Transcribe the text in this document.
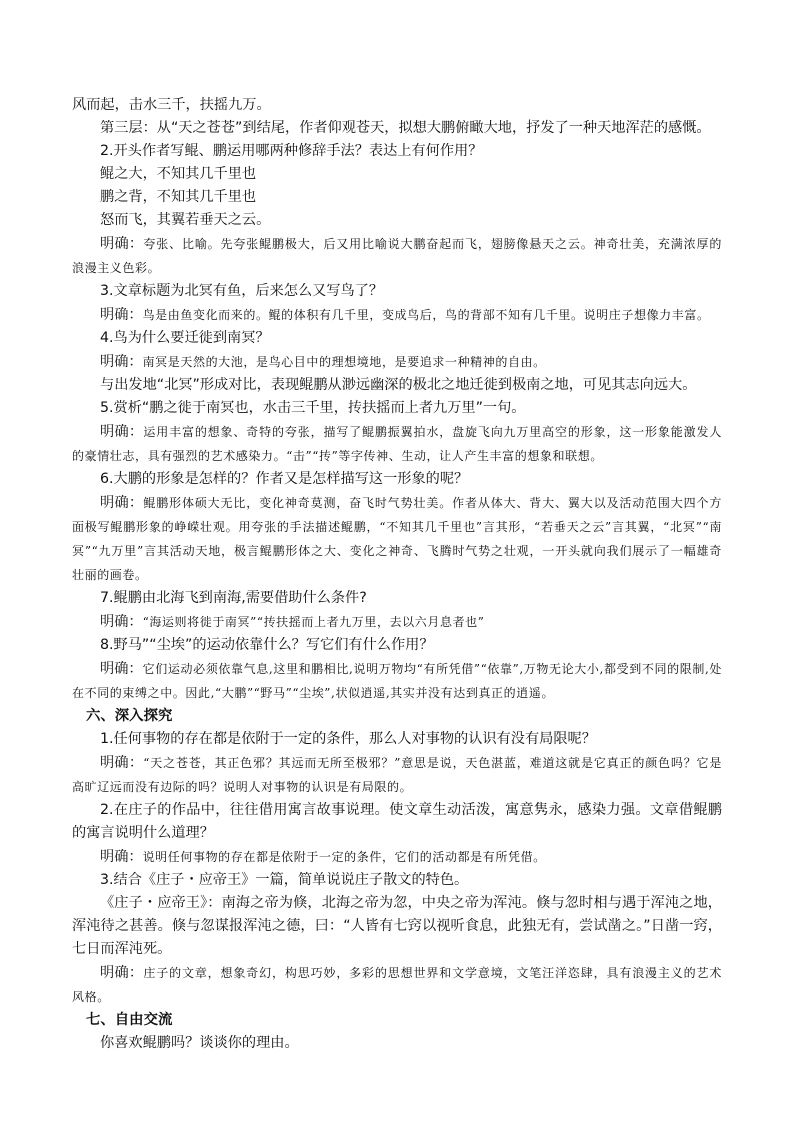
风而起，击水三千，扶摇九万。

第三层：从“天之苍苍”到结尾，作者仰观苍天，拟想大鹏俯瞰大地，抒发了一种天地浑茫的感慨。

2.开头作者写鲲、鹏运用哪两种修辞手法？表达上有何作用？

鲲之大，不知其几千里也

鹏之背，不知其几千里也

怒而飞，其翼若垂天之云。

明确：夸张、比喻。先夸张鲲鹏极大，后又用比喻说大鹏奋起而飞，翅膀像悬天之云。神奇壮美，充满浓厚的浪漫主义色彩。

3.文章标题为北冥有鱼，后来怎么又写鸟了？

明确：鸟是由鱼变化而来的。鲲的体积有几千里，变成鸟后，鸟的背部不知有几千里。说明庄子想像力丰富。

4.鸟为什么要迁徙到南冥？

明确：南冥是天然的大池，是鸟心目中的理想境地，是要追求一种精神的自由。

与出发地“北冥”形成对比，表现鲲鹏从渺远幽深的极北之地迁徙到极南之地，可见其志向远大。

5.赏析“鹏之徙于南冥也，水击三千里，抟扶摇而上者九万里”一句。

明确：运用丰富的想象、奇特的夸张，描写了鲲鹏振翼拍水，盘旋飞向九万里高空的形象，这一形象能激发人的豪情壮志，具有强烈的艺术感染力。“击”“抟”等字传神、生动，让人产生丰富的想象和联想。

6.大鹏的形象是怎样的？作者又是怎样描写这一形象的呢？

明确：鲲鹏形体硕大无比，变化神奇莫测，奋飞时气势壮美。作者从体大、背大、翼大以及活动范围大四个方面极写鲲鹏形象的峥嵘壮观。用夸张的手法描述鲲鹏，“不知其几千里也”言其形，“若垂天之云”言其翼，“北冥”“南冥”“九万里”言其活动天地，极言鲲鹏形体之大、变化之神奇、飞腾时气势之壮观，一开头就向我们展示了一幅雄奇壮丽的画卷。

7.鲲鹏由北海飞到南海,需要借助什么条件?

明确：“海运则将徙于南冥”“抟扶摇而上者九万里，去以六月息者也”

8.野马”“尘埃”的运动依靠什么？写它们有什么作用？

明确：它们运动必须依靠气息,这里和鹏相比,说明万物均“有所凭借”“依靠”,万物无论大小,都受到不同的限制,处在不同的束缚之中。因此,“大鹏”“野马”“尘埃”,状似逍遥,其实并没有达到真正的逍遥。

六、深入探究

1.任何事物的存在都是依附于一定的条件，那么人对事物的认识有没有局限呢？

明确：“天之苍苍，其正色邪？其远而无所至极邪？”意思是说，天色湛蓝，难道这就是它真正的颜色吗？它是高旷辽远而没有边际的吗？说明人对事物的认识是有局限的。

2.在庄子的作品中，往往借用寓言故事说理。使文章生动活泼，寓意隽永，感染力强。文章借鲲鹏的寓言说明什么道理？

明确：说明任何事物的存在都是依附于一定的条件，它们的活动都是有所凭借。

3.结合《庄子・应帝王》一篇，简单说说庄子散文的特色。

《庄子・应帝王》：南海之帝为倏，北海之帝为忽，中央之帝为浑沌。倏与忽时相与遇于浑沌之地，浑沌待之甚善。倏与忽谋报浑沌之德，曰：“人皆有七窍以视听食息，此独无有，尝试凿之。”日凿一窍，七日而浑沌死。

明确：庄子的文章，想象奇幻，构思巧妙，多彩的思想世界和文学意境，文笔汪洋恣肆，具有浪漫主义的艺术风格。

七、自由交流

你喜欢鲲鹏吗？谈谈你的理由。
